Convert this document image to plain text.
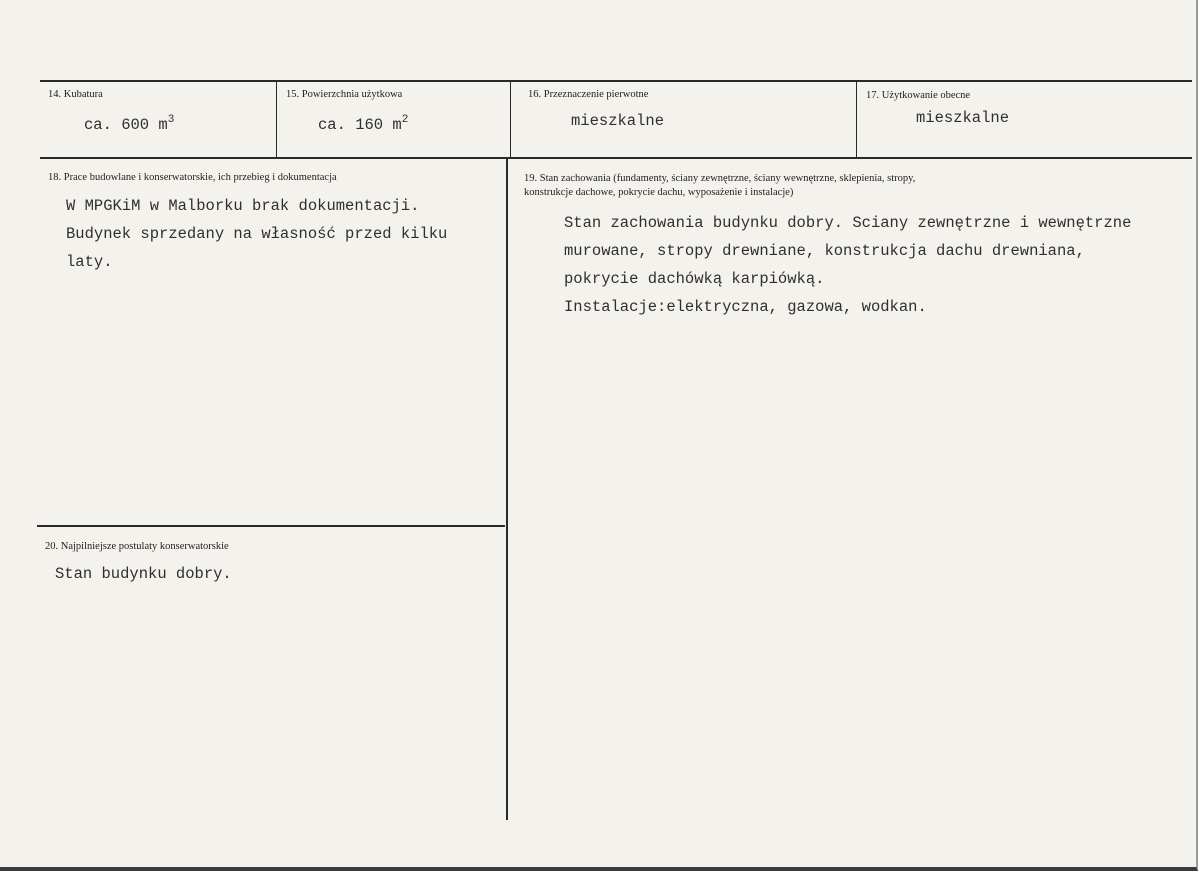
14. Kubatura
ca. 600 $m^3$
15. Powierzchnia użytkowa
ca. 160 $m^2$
16. Przeznaczenie pierwotne
mieszkalne
17. Użytkowanie obecne
mieszkalne
18. Prace budowlane i konserwatorskie, ich przebieg i dokumentacja
W MPGKiM w Malborku brak dokumentacji.
Budynek sprzedany na własność przed kilku
laty.
19. Stan zachowania (fundamenty, ściany zewnętrzne, ściany wewnętrzne, sklepienia, stropy,
konstrukcje dachowe, pokrycie dachu, wyposażenie i instalacje)
Stan zachowania budynku dobry. Sciany zewnętrzne i wewnętrzne
murowane, stropy drewniane, konstrukcja dachu drewniana,
pokrycie dachówką karpiówką.
Instalacje:elektryczna, gazowa, wodkan.
20. Najpilniejsze postulaty konserwatorskie
Stan budynku dobry.
